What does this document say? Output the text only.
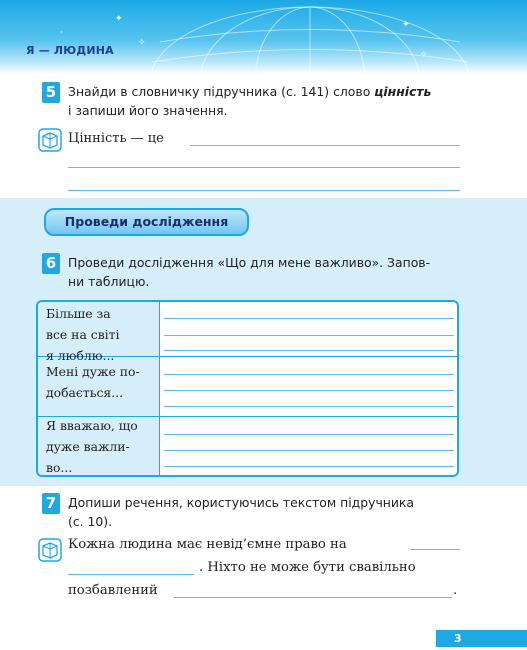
✦
✧
✦
✧
·
Я — ЛЮДИНА
5 Знайди в словничку підручника (с. 141) слово цінність
і запиши його значення.
Цінність — це
Проведи дослідження
6 Проведи дослідження «Що для мене важливо». Запов-
ни таблицю.
Більше за
все на світі
я люблю...
Мені дуже по-
добається...
Я вважаю, що
дуже важли-
во...
7 Допиши речення, користуючись текстом підручника
(с. 10).
Кожна людина має невід’ємне право на
. Ніхто не може бути свавільно
позбавлений	.
3
